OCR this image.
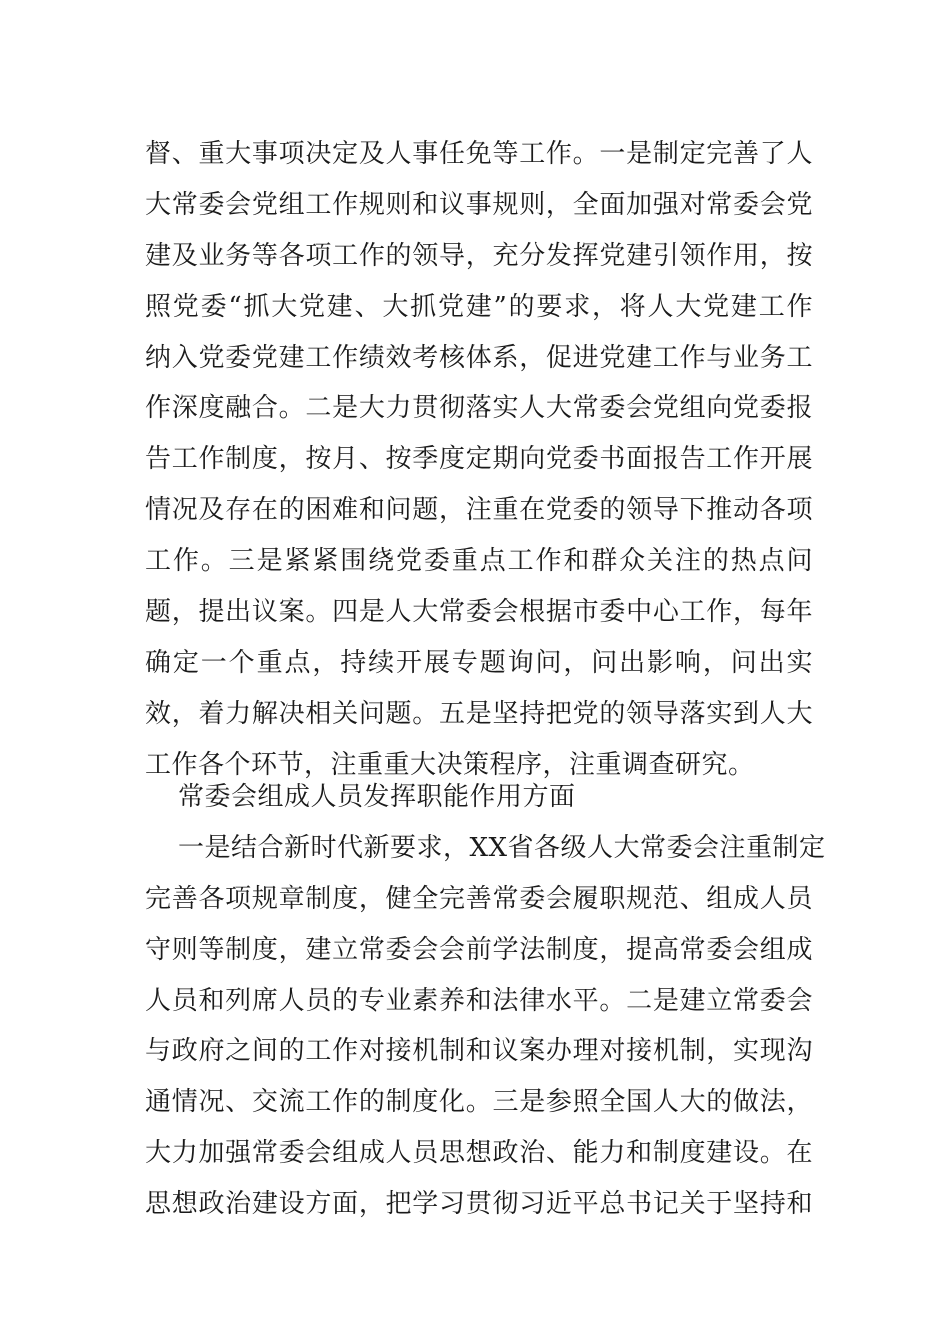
督、重大事项决定及人事任免等工作。一是制定完善了人
大常委会党组工作规则和议事规则，全面加强对常委会党
建及业务等各项工作的领导，充分发挥党建引领作用，按
照党委“抓大党建、大抓党建”的要求，将人大党建工作
纳入党委党建工作绩效考核体系，促进党建工作与业务工
作深度融合。二是大力贯彻落实人大常委会党组向党委报
告工作制度，按月、按季度定期向党委书面报告工作开展
情况及存在的困难和问题，注重在党委的领导下推动各项
工作。三是紧紧围绕党委重点工作和群众关注的热点问
题，提出议案。四是人大常委会根据市委中心工作，每年
确定一个重点，持续开展专题询问，问出影响，问出实
效，着力解决相关问题。五是坚持把党的领导落实到人大
工作各个环节，注重重大决策程序，注重调查研究。
常委会组成人员发挥职能作用方面
一是结合新时代新要求，XX省各级人大常委会注重制定
完善各项规章制度，健全完善常委会履职规范、组成人员
守则等制度，建立常委会会前学法制度，提高常委会组成
人员和列席人员的专业素养和法律水平。二是建立常委会
与政府之间的工作对接机制和议案办理对接机制，实现沟
通情况、交流工作的制度化。三是参照全国人大的做法，
大力加强常委会组成人员思想政治、能力和制度建设。在
思想政治建设方面，把学习贯彻习近平总书记关于坚持和
